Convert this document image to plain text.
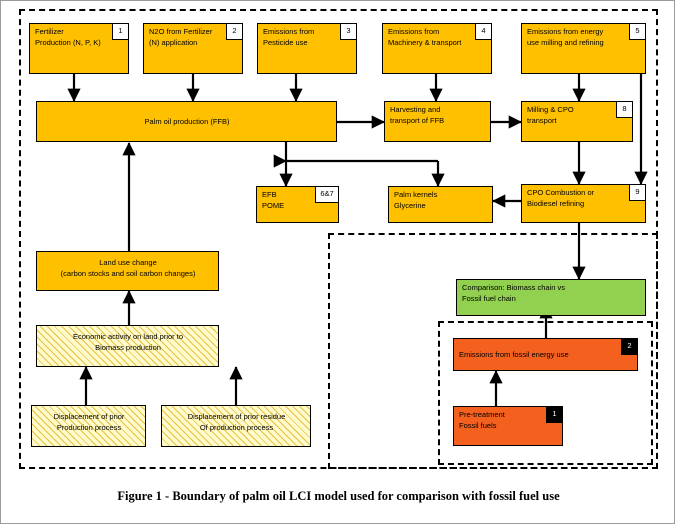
Fertilizer
Production (N, P, K)
1	N2O from Fertilizer
(N) application
2	Emissions from
Pesticide use
3	Emissions from
Machinery & transport
4	Emissions from energy
use milling and refining
5
Palm oil production (FFB)
Harvesting and
transport of FFB
Milling & CPO
transport
8
EFB
POME
6&7	Palm kernels
Glycerine
CPO Combustion or
Biodiesel refining
9
Land use change
(carbon stocks and soil carbon changes)
Economic activity on land prior to
Biomass production
Displacement of prior
Production process
Displacement of prior residue
Of production process
Comparison: Biomass chain vs
Fossil fuel chain
Emissions from fossil energy use
2
Pre-treatment
Fossil fuels
1
Figure 1 - Boundary of palm oil LCI model used for comparison with fossil fuel use
